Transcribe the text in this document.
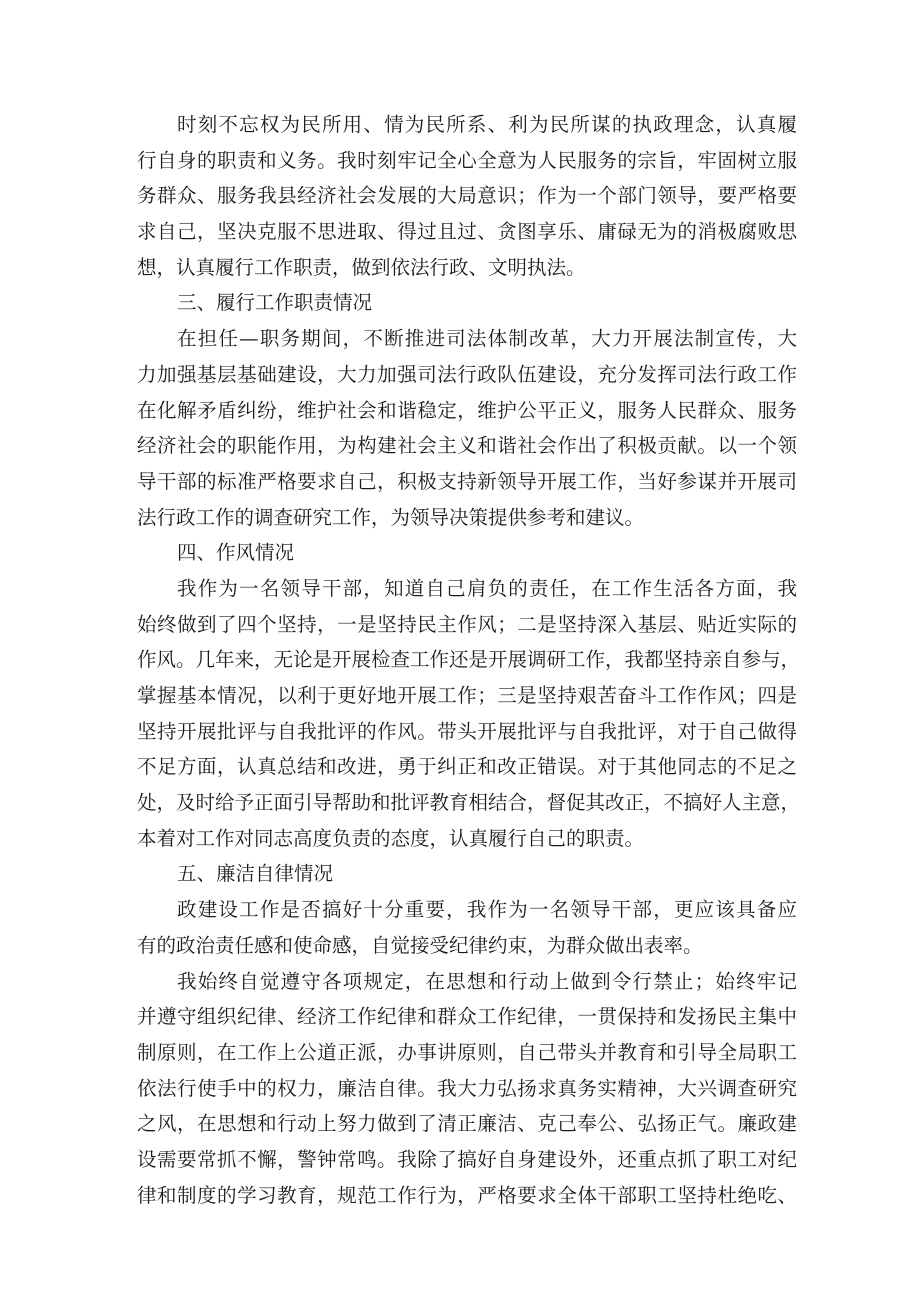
时刻不忘权为民所用、情为民所系、利为民所谋的执政理念，认真履
行自身的职责和义务。我时刻牢记全心全意为人民服务的宗旨，牢固树立服
务群众、服务我县经济社会发展的大局意识；作为一个部门领导，要严格要
求自己，坚决克服不思进取、得过且过、贪图享乐、庸碌无为的消极腐败思
想，认真履行工作职责，做到依法行政、文明执法。
三、履行工作职责情况
在担任—职务期间，不断推进司法体制改革，大力开展法制宣传，大
力加强基层基础建设，大力加强司法行政队伍建设，充分发挥司法行政工作
在化解矛盾纠纷，维护社会和谐稳定，维护公平正义，服务人民群众、服务
经济社会的职能作用，为构建社会主义和谐社会作出了积极贡献。以一个领
导干部的标准严格要求自己，积极支持新领导开展工作，当好参谋并开展司
法行政工作的调查研究工作，为领导决策提供参考和建议。
四、作风情况
我作为一名领导干部，知道自己肩负的责任，在工作生活各方面，我
始终做到了四个坚持，一是坚持民主作风；二是坚持深入基层、贴近实际的
作风。几年来，无论是开展检查工作还是开展调研工作，我都坚持亲自参与，
掌握基本情况，以利于更好地开展工作；三是坚持艰苦奋斗工作作风；四是
坚持开展批评与自我批评的作风。带头开展批评与自我批评，对于自己做得
不足方面，认真总结和改进，勇于纠正和改正错误。对于其他同志的不足之
处，及时给予正面引导帮助和批评教育相结合，督促其改正，不搞好人主意，
本着对工作对同志高度负责的态度，认真履行自己的职责。
五、廉洁自律情况
政建设工作是否搞好十分重要，我作为一名领导干部，更应该具备应
有的政治责任感和使命感，自觉接受纪律约束，为群众做出表率。
我始终自觉遵守各项规定，在思想和行动上做到令行禁止；始终牢记
并遵守组织纪律、经济工作纪律和群众工作纪律，一贯保持和发扬民主集中
制原则，在工作上公道正派，办事讲原则，自己带头并教育和引导全局职工
依法行使手中的权力，廉洁自律。我大力弘扬求真务实精神，大兴调查研究
之风，在思想和行动上努力做到了清正廉洁、克己奉公、弘扬正气。廉政建
设需要常抓不懈，警钟常鸣。我除了搞好自身建设外，还重点抓了职工对纪
律和制度的学习教育，规范工作行为，严格要求全体干部职工坚持杜绝吃、
